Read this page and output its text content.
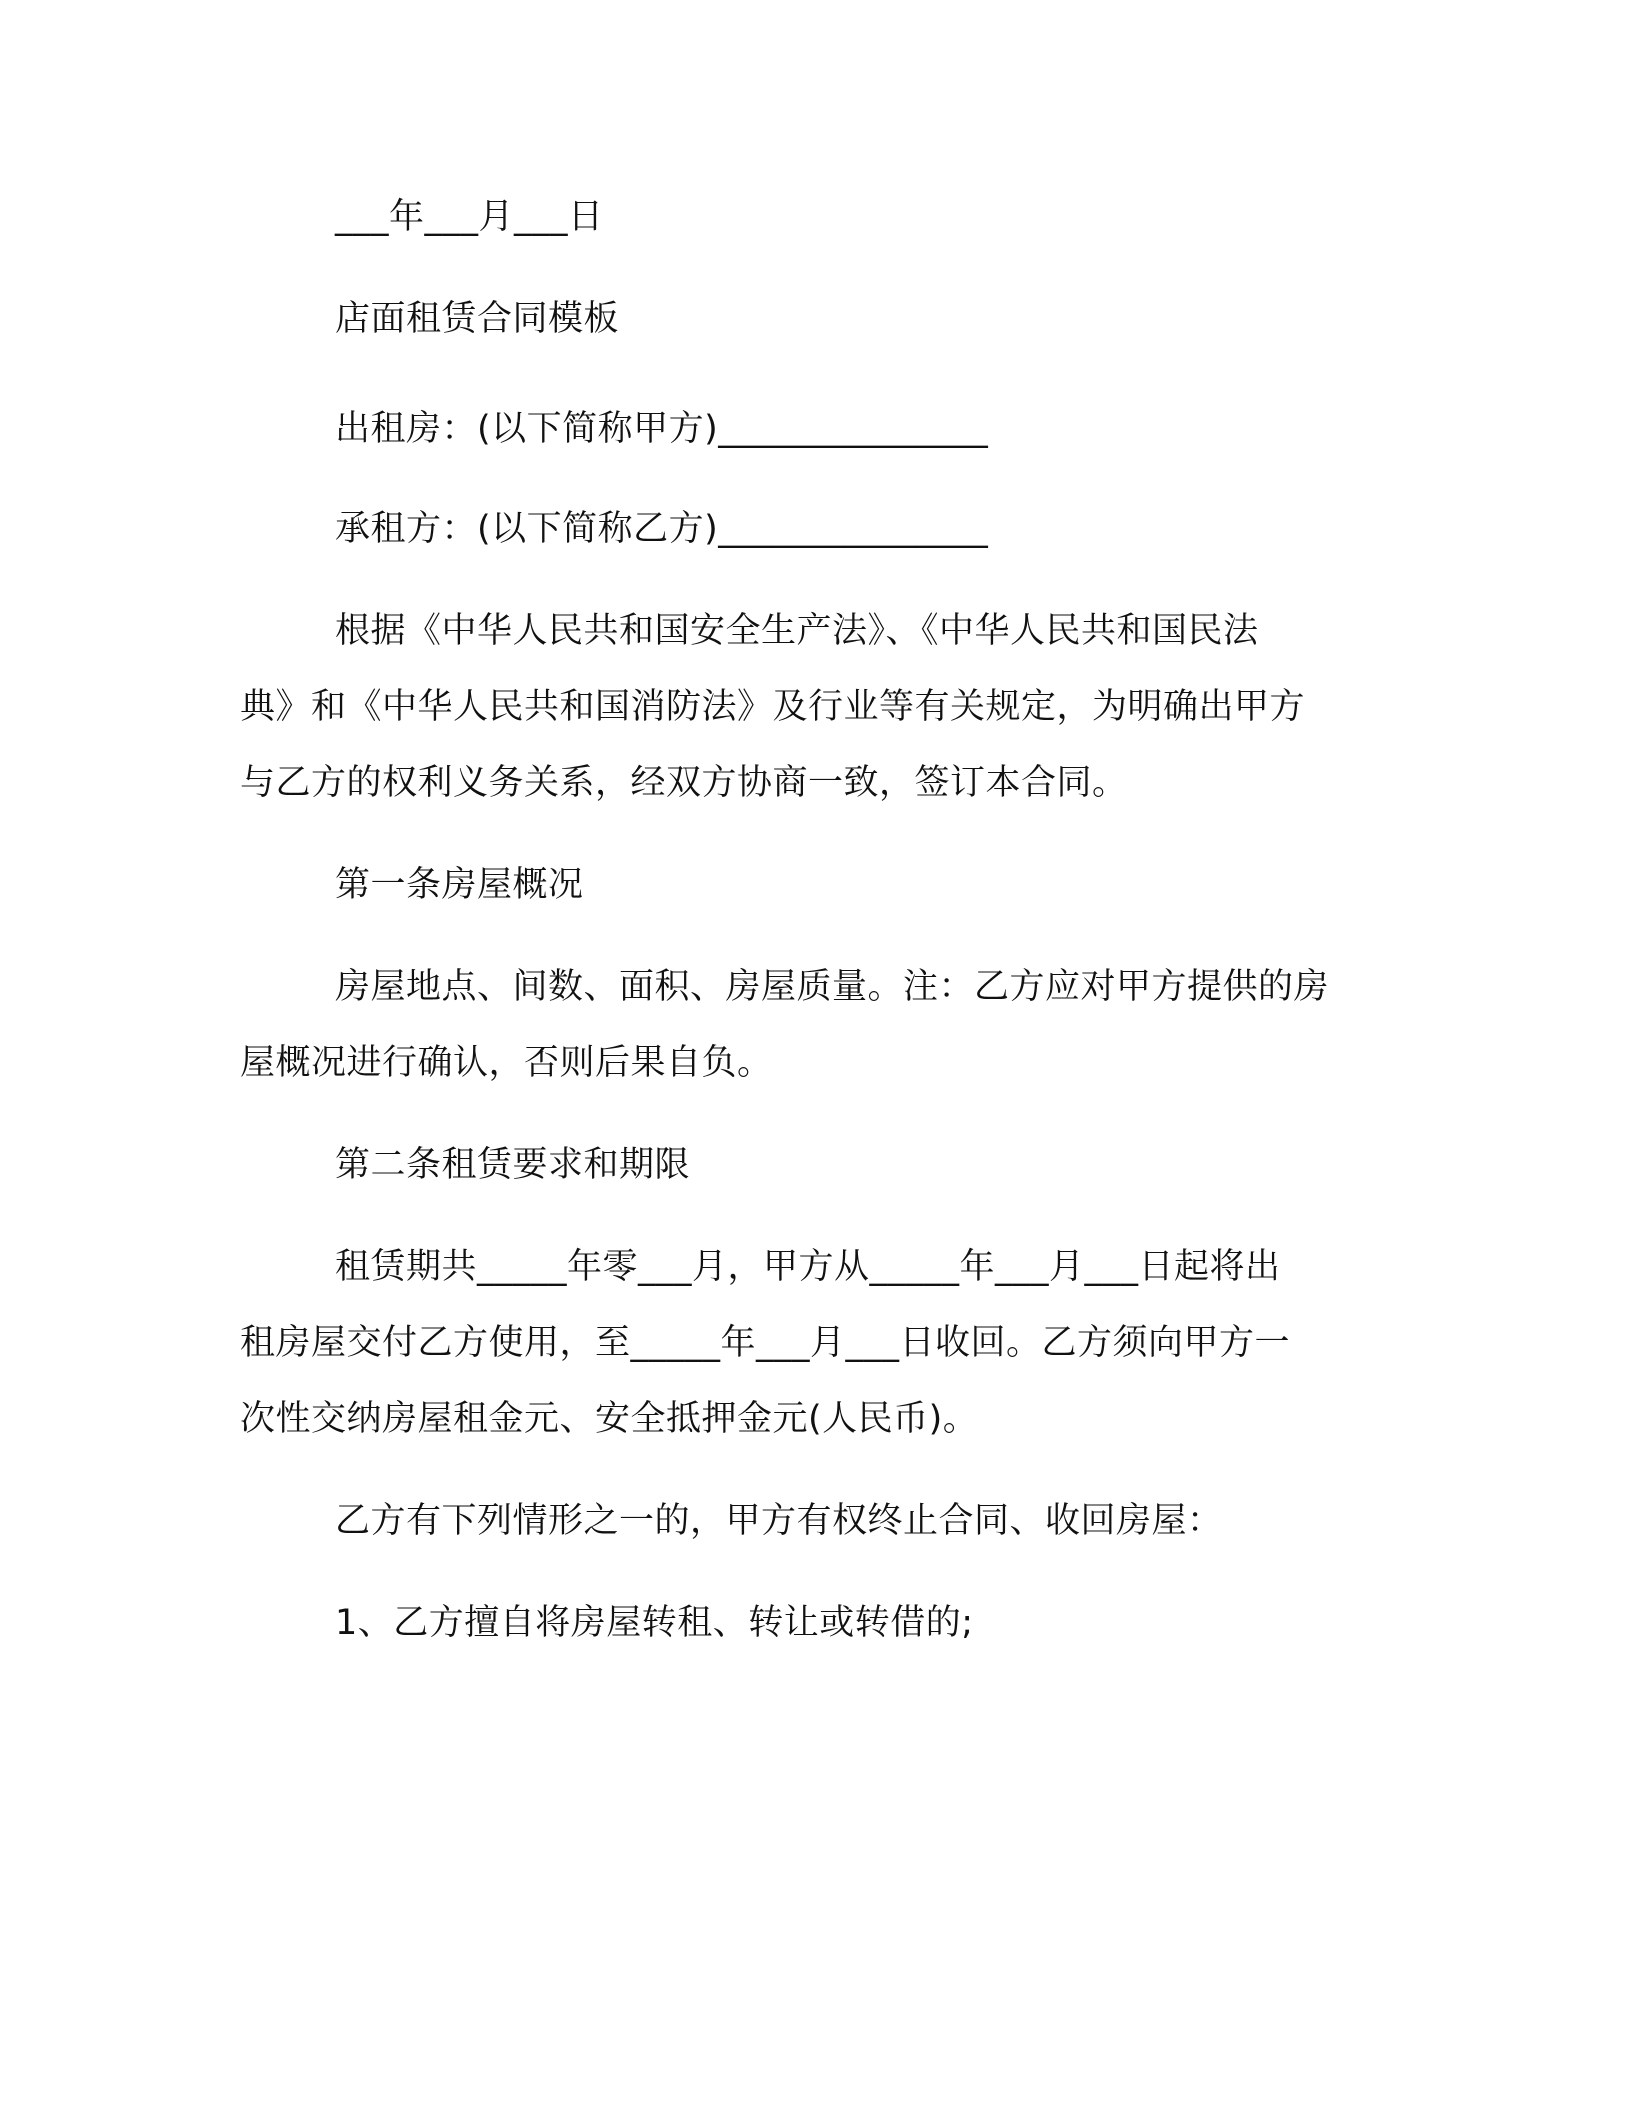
___年___月___日
店面租赁合同模板
出租房：(以下简称甲方)_______________
承租方：(以下简称乙方)_______________
根据《中华人民共和国安全生产法》、《中华人民共和国民法
典》和《中华人民共和国消防法》及行业等有关规定，为明确出甲方
与乙方的权利义务关系，经双方协商一致，签订本合同。
第一条房屋概况
房屋地点、间数、面积、房屋质量。注：乙方应对甲方提供的房
屋概况进行确认，否则后果自负。
第二条租赁要求和期限
租赁期共_____年零___月，甲方从_____年___月___日起将出
租房屋交付乙方使用，至_____年___月___日收回。乙方须向甲方一
次性交纳房屋租金元、安全抵押金元(人民币)。
乙方有下列情形之一的，甲方有权终止合同、收回房屋：
1、乙方擅自将房屋转租、转让或转借的;
